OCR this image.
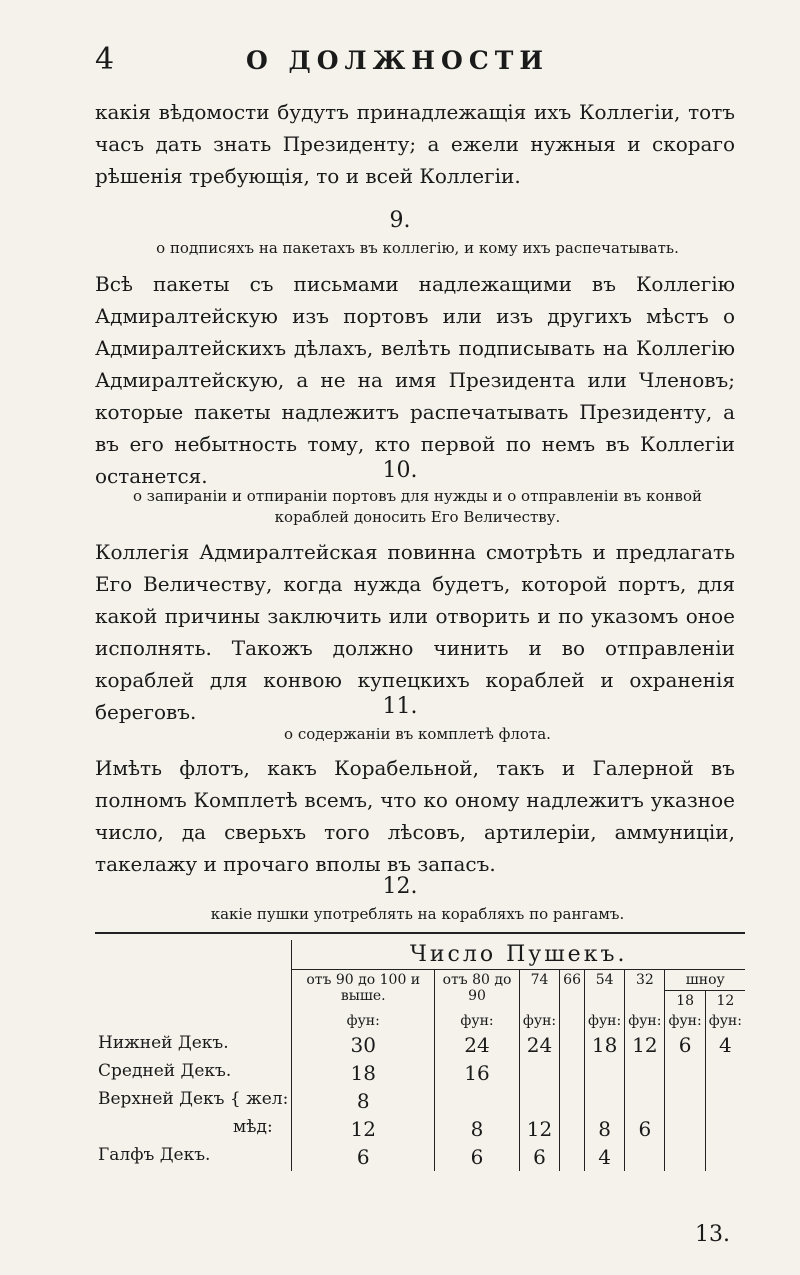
4	О ДОЛЖНОСТИ
какія вѣдомости будутъ принадлежащія ихъ Коллегіи, тотъ часъ дать знать Президенту; а ежели нужныя и скораго рѣшенія требующія, то и всей Коллегіи.
9.
о подписяхъ на пакетахъ въ коллегію, и кому ихъ распечатывать.
Всѣ пакеты съ письмами надлежащими въ Коллегію Адмиралтейскую изъ портовъ или изъ другихъ мѣстъ о Адмиралтейскихъ дѣлахъ, велѣть подписывать на Коллегію Адмиралтейскую, а не на имя Президента или Членовъ; которые пакеты надлежитъ распечатывать Президенту, а въ его небытность тому, кто первой по немъ въ Коллегіи останется.	10.
о запираніи и отпираніи портовъ для нужды и о отправленіи въ конвой кораблей доносить Его Величеству.
Коллегія Адмиралтейская повинна смотрѣть и предлагать Его Величеству, когда нужда будетъ, которой портъ, для какой причины заключить или отворить и по указомъ оное исполнять. Такожъ должно чинить и во отправленіи кораблей для конвою купецкихъ кораблей и охраненія береговъ.	11.
о содержаніи въ комплетѣ флота.
Имѣть флотъ, какъ Корабельной, такъ и Галерной въ полномъ Комплетѣ всемъ, что ко оному надлежитъ указное число, да сверьхъ того лѣсовъ, артилеріи, аммуниціи, такелажу и прочаго вполы въ запасъ.
12.
какіе пушки употреблять на корабляхъ по рангамъ.
	Число Пушекъ.							
	отъ 90 до 100 и выше.	отъ 80 до 90	74	66	54	32	шноу	
							18	12
	фун:	фун:	фун:		фун:	фун:	фун:	фун:
Нижней Декъ.	30	24	24		18	12	6	4
Средней Декъ.	18	16						
Верхней Декъ { жел:	8							
мѣд:	12	8	12		8	6		
Галфъ Декъ.	6	6	6		4			
13.
